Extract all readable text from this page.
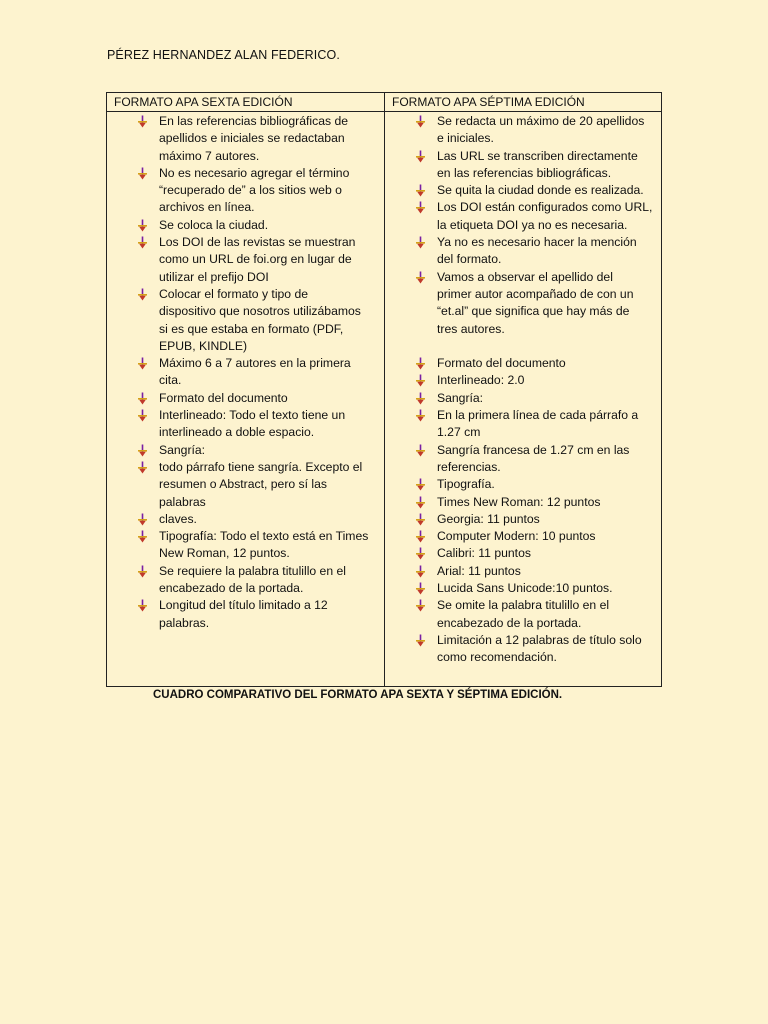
PÉREZ HERNANDEZ ALAN FEDERICO.
FORMATO APA SEXTA EDICIÓN	FORMATO APA SÉPTIMA EDICIÓN
En las referencias bibliográficas de
apellidos e iniciales se redactaban
máximo 7 autores.
No es necesario agregar el término
“recuperado de” a los sitios web o
archivos en línea.
Se coloca la ciudad.
Los DOI de las revistas se muestran
como un URL de foi.org en lugar de
utilizar el prefijo DOI
Colocar el formato y tipo de
dispositivo que nosotros utilizábamos
si es que estaba en formato (PDF,
EPUB, KINDLE)
Máximo 6 a 7 autores en la primera
cita.
Formato del documento
Interlineado: Todo el texto tiene un
interlineado a doble espacio.
Sangría:
todo párrafo tiene sangría. Excepto el
resumen o Abstract, pero sí las
palabras
claves.
Tipografía: Todo el texto está en Times
New Roman, 12 puntos.
Se requiere la palabra titulillo en el
encabezado de la portada.
Longitud del título limitado a 12
palabras.
Se redacta un máximo de 20 apellidos
e iniciales.
Las URL se transcriben directamente
en las referencias bibliográficas.
Se quita la ciudad donde es realizada.
Los DOI están configurados como URL,
la etiqueta DOI ya no es necesaria.
Ya no es necesario hacer la mención
del formato.
Vamos a observar el apellido del
primer autor acompañado de con un
“et.al” que significa que hay más de
tres autores.
Formato del documento
Interlineado: 2.0
Sangría:
En la primera línea de cada párrafo a
1.27 cm
Sangría francesa de 1.27 cm en las
referencias.
Tipografía.
Times New Roman: 12 puntos
Georgia: 11 puntos
Computer Modern: 10 puntos
Calibri: 11 puntos
Arial: 11 puntos
Lucida Sans Unicode:10 puntos.
Se omite la palabra titulillo en el
encabezado de la portada.
Limitación a 12 palabras de título solo
como recomendación.
CUADRO COMPARATIVO DEL FORMATO APA SEXTA Y SÉPTIMA EDICIÓN.
